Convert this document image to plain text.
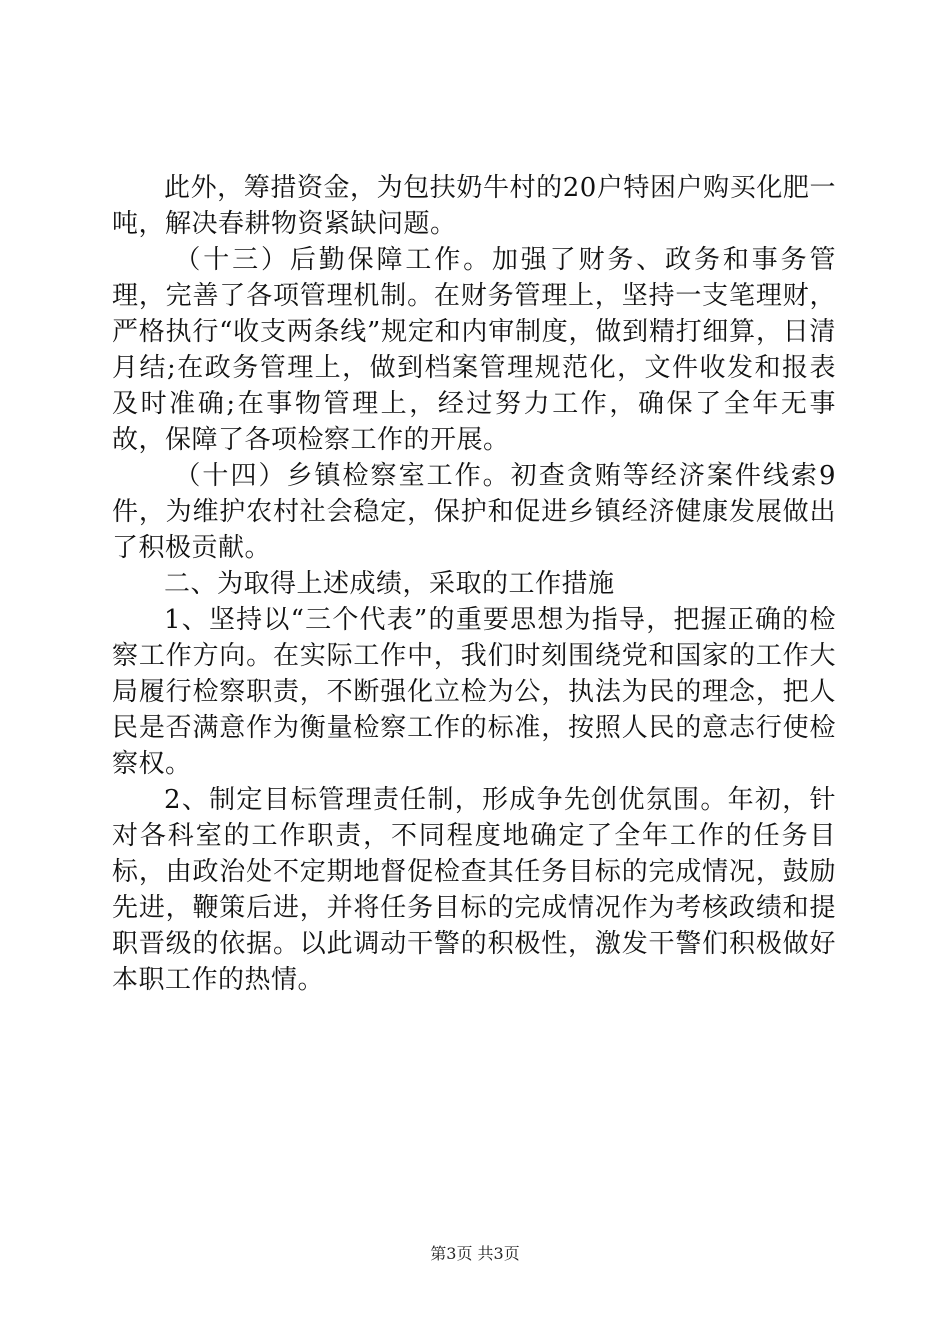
此外，筹措资金，为包扶奶牛村的20户特困户购买化肥一吨，解决春耕物资紧缺问题。

（十三）后勤保障工作。加强了财务、政务和事务管理，完善了各项管理机制。在财务管理上，坚持一支笔理财，严格执行“收支两条线”规定和内审制度，做到精打细算，日清月结;在政务管理上，做到档案管理规范化，文件收发和报表及时准确;在事物管理上，经过努力工作，确保了全年无事故，保障了各项检察工作的开展。

（十四）乡镇检察室工作。初查贪贿等经济案件线索9件，为维护农村社会稳定，保护和促进乡镇经济健康发展做出了积极贡献。

二、为取得上述成绩，采取的工作措施

1、坚持以“三个代表”的重要思想为指导，把握正确的检察工作方向。在实际工作中，我们时刻围绕党和国家的工作大局履行检察职责，不断强化立检为公，执法为民的理念，把人民是否满意作为衡量检察工作的标准，按照人民的意志行使检察权。

2、制定目标管理责任制，形成争先创优氛围。年初，针对各科室的工作职责，不同程度地确定了全年工作的任务目标，由政治处不定期地督促检查其任务目标的完成情况，鼓励先进，鞭策后进，并将任务目标的完成情况作为考核政绩和提职晋级的依据。以此调动干警的积极性，激发干警们积极做好本职工作的热情。

第3页 共3页
